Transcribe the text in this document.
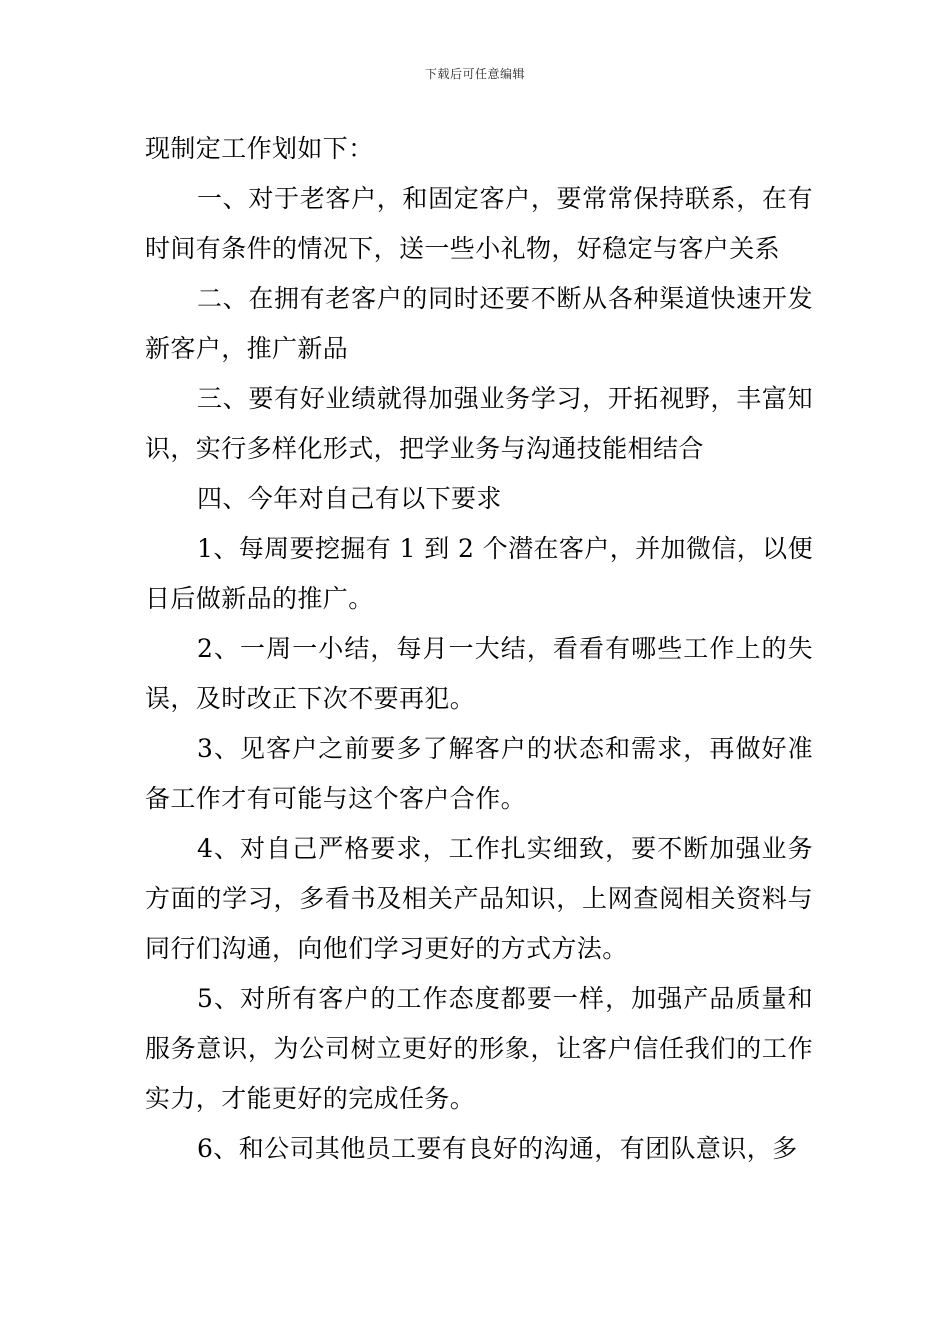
下载后可任意编辑

现制定工作划如下：

一、对于老客户，和固定客户，要常常保持联系，在有时间有条件的情况下，送一些小礼物，好稳定与客户关系

二、在拥有老客户的同时还要不断从各种渠道快速开发新客户，推广新品

三、要有好业绩就得加强业务学习，开拓视野，丰富知识，实行多样化形式，把学业务与沟通技能相结合

四、今年对自己有以下要求

1、每周要挖掘有 1 到 2 个潜在客户，并加微信，以便日后做新品的推广。

2、一周一小结，每月一大结，看看有哪些工作上的失误，及时改正下次不要再犯。

3、见客户之前要多了解客户的状态和需求，再做好准备工作才有可能与这个客户合作。

4、对自己严格要求，工作扎实细致，要不断加强业务方面的学习，多看书及相关产品知识，上网查阅相关资料与同行们沟通，向他们学习更好的方式方法。

5、对所有客户的工作态度都要一样，加强产品质量和服务意识，为公司树立更好的形象，让客户信任我们的工作实力，才能更好的完成任务。

6、和公司其他员工要有良好的沟通，有团队意识，多
